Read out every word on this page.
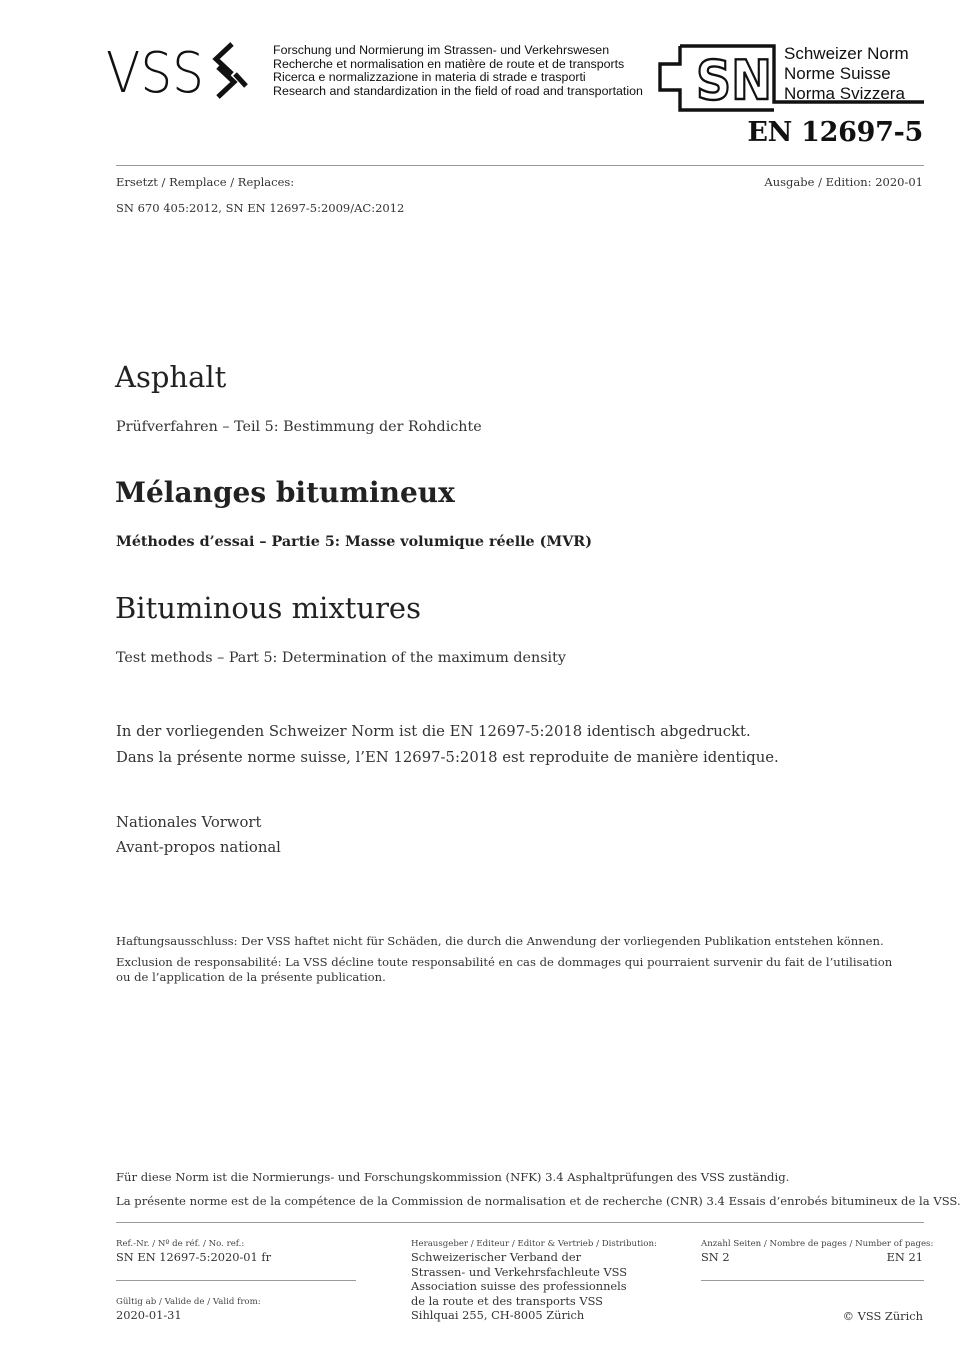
VSS	Forschung und Normierung im Strassen- und Verkehrswesen
Recherche et normalisation en matière de route et de transports
Ricerca e normalizzazione in materia di strade e trasporti
Research and standardization in the field of road and transportation SN Schweizer Norm
Norme Suisse
Norma Svizzera
EN 12697-5
Ersetzt / Remplace / Replaces:	Ausgabe / Edition: 2020-01
SN 670 405:2012, SN EN 12697-5:2009/AC:2012
Asphalt
Prüfverfahren – Teil 5: Bestimmung der Rohdichte
Mélanges bitumineux
Méthodes d’essai – Partie 5: Masse volumique réelle (MVR)
Bituminous mixtures
Test methods – Part 5: Determination of the maximum density
In der vorliegenden Schweizer Norm ist die EN 12697-5:2018 identisch abgedruckt.
Dans la présente norme suisse, l’EN 12697-5:2018 est reproduite de manière identique.
Nationales Vorwort
Avant-propos national
Haftungsausschluss: Der VSS haftet nicht für Schäden, die durch die Anwendung der vorliegenden Publikation entstehen können.
Exclusion de responsabilité: La VSS décline toute responsabilité en cas de dommages qui pourraient survenir du fait de l’utilisation
ou de l’application de la présente publication.
Für diese Norm ist die Normierungs- und Forschungskommission (NFK) 3.4 Asphaltprüfungen des VSS zuständig.
La présente norme est de la compétence de la Commission de normalisation et de recherche (CNR) 3.4 Essais d’enrobés bitumineux de la VSS.
Ref.-Nr. / Nº de réf. / No. ref.:
SN EN 12697-5:2020-01 fr
Gültig ab / Valide de / Valid from:
2020-01-31
Herausgeber / Editeur / Editor & Vertrieb / Distribution:
Schweizerischer Verband der
Strassen- und Verkehrsfachleute VSS
Association suisse des professionnels
de la route et des transports VSS
Sihlquai 255, CH-8005 Zürich
Anzahl Seiten / Nombre de pages / Number of pages:
SN 2	EN 21
© VSS Zürich
